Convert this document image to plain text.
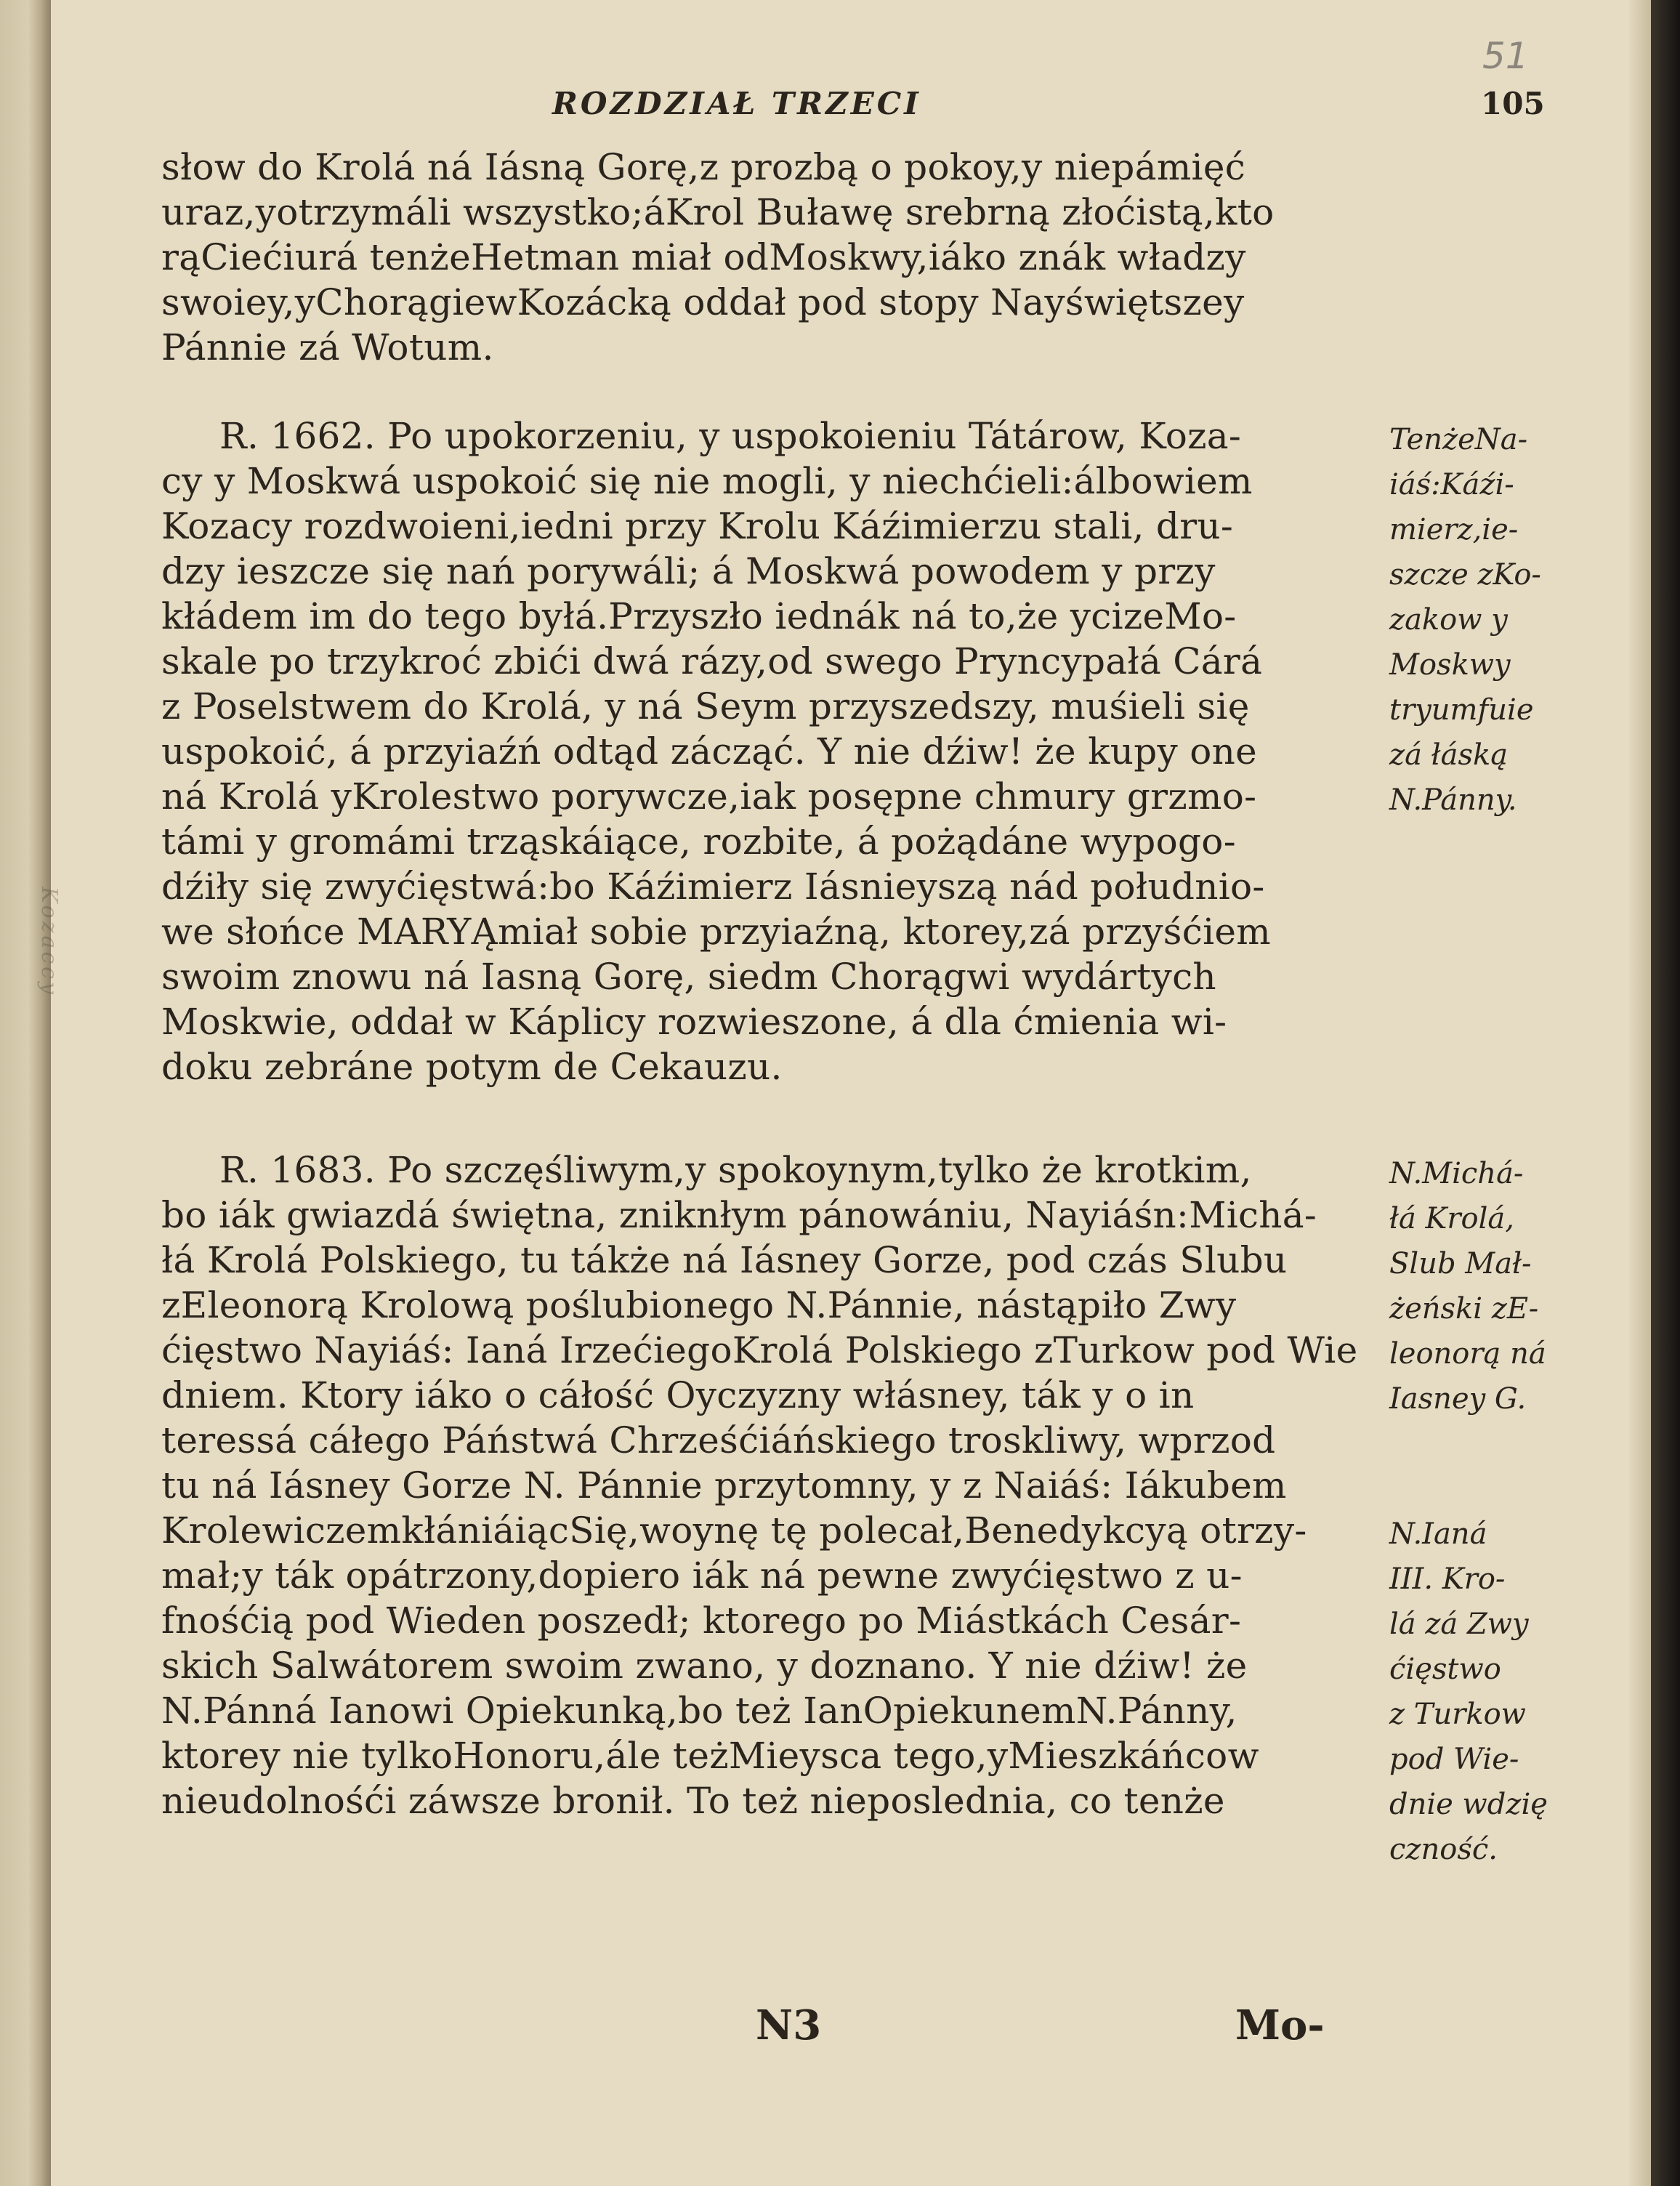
Kozaccy
51
ROZDZIAŁ TRZECI	105
słow do Krolá ná Iásną Gorę,z prozbą o pokoy,y niepámięć
uraz,yotrzymáli wszystko;áKrol Buławę srebrną złoćistą,kto
rąCiećiurá tenżeHetman miał odMoskwy,iáko znák władzy
swoiey,yChorągiewKozácką oddał pod stopy Nayświętszey
Pánnie zá Wotum.
R. 1662. Po upokorzeniu, y uspokoieniu Tátárow, Koza-
cy y Moskwá uspokoić się nie mogli, y niechćieli:álbowiem
Kozacy rozdwoieni,iedni przy Krolu Káźimierzu stali, dru-
dzy ieszcze się nań porywáli; á Moskwá powodem y przy
kłádem im do tego byłá.Przyszło iednák ná to,że ycizeMo-
skale po trzykroć zbići dwá rázy,od swego Pryncypałá Cárá
z Poselstwem do Krolá, y ná Seym przyszedszy, muśieli się
uspokoić, á przyiaźń odtąd zácząć. Y nie dźiw! że kupy one
ná Krolá yKrolestwo porywcze,iak posępne chmury grzmo-
támi y gromámi trząskáiące, rozbite, á pożądáne wypogo-
dźiły się zwyćięstwá:bo Káźimierz Iásnieyszą nád południo-
we słońce MARYĄmiał sobie przyiaźną, ktorey,zá przyśćiem
swoim znowu ná Iasną Gorę, siedm Chorągwi wydártych
Moskwie, oddał w Káplicy rozwieszone, á dla ćmienia wi-
doku zebráne potym de Cekauzu.
R. 1683. Po szczęśliwym,y spokoynym,tylko że krotkim,
bo iák gwiazdá świętna, zniknłym pánowániu, Nayiáśn:Michá-
łá Krolá Polskiego, tu tákże ná Iásney Gorze, pod czás Slubu
zEleonorą Krolową poślubionego N.Pánnie, nástąpiło Zwy
ćięstwo Nayiáś: Ianá IrzećiegoKrolá Polskiego zTurkow pod Wie
dniem. Ktory iáko o cáłość Oyczyzny włásney, ták y o in
teressá cáłego Páństwá Chrześćiáńskiego troskliwy, wprzod
tu ná Iásney Gorze N. Pánnie przytomny, y z Naiáś: Iákubem
KrolewiczemkłániáiącSię,woynę tę polecał,Benedykcyą otrzy-
mał;y ták opátrzony,dopiero iák ná pewne zwyćięstwo z u-
fnośćią pod Wieden poszedł; ktorego po Miástkách Cesár-
skich Salwátorem swoim zwano, y doznano. Y nie dźiw! że
N.Pánná Ianowi Opiekunką,bo też IanOpiekunemN.Pánny,
ktorey nie tylkoHonoru,ále teżMieysca tego,yMieszkáńcow
nieudolnośći záwsze bronił. To też nieposlednia, co tenże
TenżeNa-
iáś:Káźi-
mierz,ie-
szcze zKo-
zakow y
Moskwy
tryumfuie
zá łáską
N.Pánny.
N.Michá-
łá Krolá,
Slub Mał-
żeński zE-
leonorą ná
Iasney G.
N.Ianá
III. Kro-
lá zá Zwy
ćięstwo
z Turkow
pod Wie-
dnie wdzię
czność.
N3	Mo-
